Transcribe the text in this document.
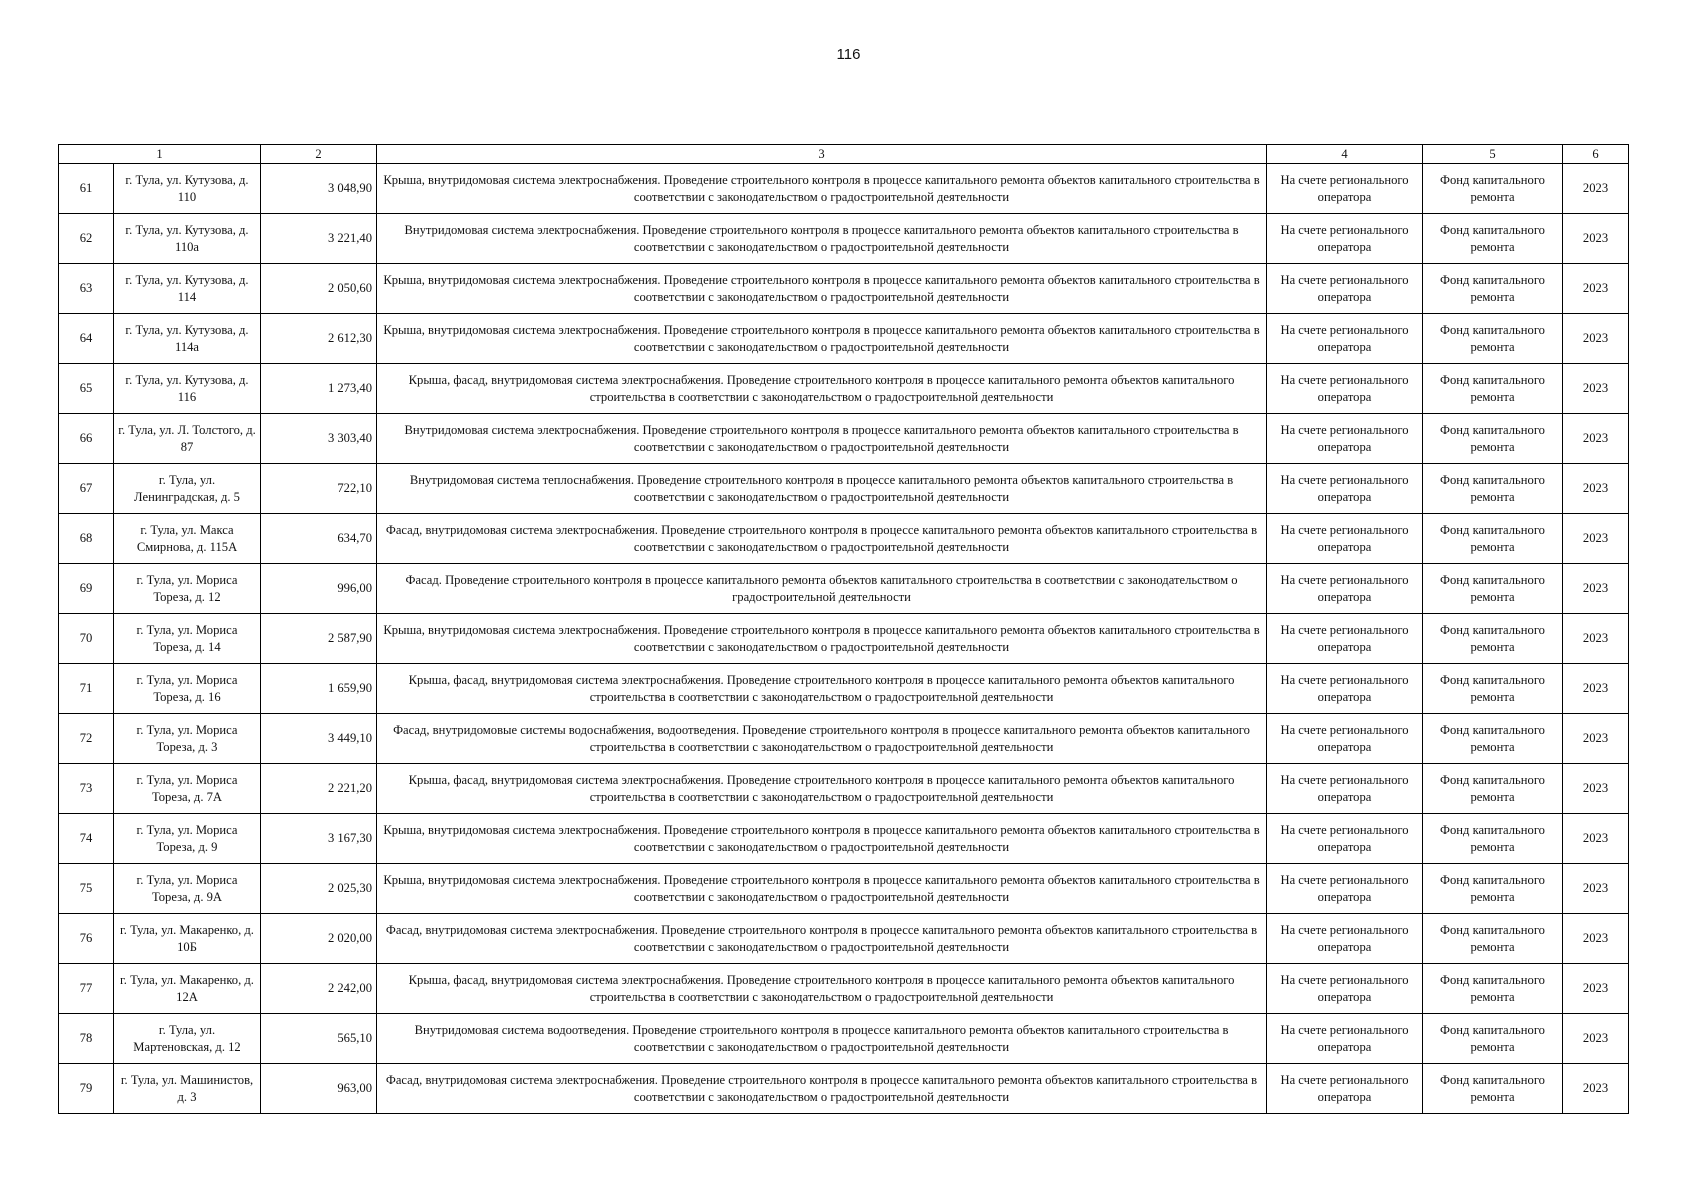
116
1		2	3	4	5	6
61	г. Тула, ул. Кутузова, д. 110	3 048,90	Крыша, внутридомовая система электроснабжения. Проведение строительного контроля в процессе капитального ремонта объектов капитального строительства в соответствии с законодательством о градостроительной деятельности	На счете регионального оператора	Фонд капитального ремонта	2023
62	г. Тула, ул. Кутузова, д. 110а	3 221,40	Внутридомовая система электроснабжения. Проведение строительного контроля в процессе капитального ремонта объектов капитального строительства в соответствии с законодательством о градостроительной деятельности	На счете регионального оператора	Фонд капитального ремонта	2023
63	г. Тула, ул. Кутузова, д. 114	2 050,60	Крыша, внутридомовая система электроснабжения. Проведение строительного контроля в процессе капитального ремонта объектов капитального строительства в соответствии с законодательством о градостроительной деятельности	На счете регионального оператора	Фонд капитального ремонта	2023
64	г. Тула, ул. Кутузова, д. 114а	2 612,30	Крыша, внутридомовая система электроснабжения. Проведение строительного контроля в процессе капитального ремонта объектов капитального строительства в соответствии с законодательством о градостроительной деятельности	На счете регионального оператора	Фонд капитального ремонта	2023
65	г. Тула, ул. Кутузова, д. 116	1 273,40	Крыша, фасад, внутридомовая система электроснабжения. Проведение строительного контроля в процессе капитального ремонта объектов капитального строительства в соответствии с законодательством о градостроительной деятельности	На счете регионального оператора	Фонд капитального ремонта	2023
66	г. Тула, ул. Л. Толстого, д. 87	3 303,40	Внутридомовая система электроснабжения. Проведение строительного контроля в процессе капитального ремонта объектов капитального строительства в соответствии с законодательством о градостроительной деятельности	На счете регионального оператора	Фонд капитального ремонта	2023
67	г. Тула, ул. Ленинградская, д. 5	722,10	Внутридомовая система теплоснабжения. Проведение строительного контроля в процессе капитального ремонта объектов капитального строительства в соответствии с законодательством о градостроительной деятельности	На счете регионального оператора	Фонд капитального ремонта	2023
68	г. Тула, ул. Макса Смирнова, д. 115А	634,70	Фасад, внутридомовая система электроснабжения. Проведение строительного контроля в процессе капитального ремонта объектов капитального строительства в соответствии с законодательством о градостроительной деятельности	На счете регионального оператора	Фонд капитального ремонта	2023
69	г. Тула, ул. Мориса Тореза, д. 12	996,00	Фасад. Проведение строительного контроля в процессе капитального ремонта объектов капитального строительства в соответствии с законодательством о градостроительной деятельности	На счете регионального оператора	Фонд капитального ремонта	2023
70	г. Тула, ул. Мориса Тореза, д. 14	2 587,90	Крыша, внутридомовая система электроснабжения. Проведение строительного контроля в процессе капитального ремонта объектов капитального строительства в соответствии с законодательством о градостроительной деятельности	На счете регионального оператора	Фонд капитального ремонта	2023
71	г. Тула, ул. Мориса Тореза, д. 16	1 659,90	Крыша, фасад, внутридомовая система электроснабжения. Проведение строительного контроля в процессе капитального ремонта объектов капитального строительства в соответствии с законодательством о градостроительной деятельности	На счете регионального оператора	Фонд капитального ремонта	2023
72	г. Тула, ул. Мориса Тореза, д. 3	3 449,10	Фасад, внутридомовые системы водоснабжения, водоотведения. Проведение строительного контроля в процессе капитального ремонта объектов капитального строительства в соответствии с законодательством о градостроительной деятельности	На счете регионального оператора	Фонд капитального ремонта	2023
73	г. Тула, ул. Мориса Тореза, д. 7А	2 221,20	Крыша, фасад, внутридомовая система электроснабжения. Проведение строительного контроля в процессе капитального ремонта объектов капитального строительства в соответствии с законодательством о градостроительной деятельности	На счете регионального оператора	Фонд капитального ремонта	2023
74	г. Тула, ул. Мориса Тореза, д. 9	3 167,30	Крыша, внутридомовая система электроснабжения. Проведение строительного контроля в процессе капитального ремонта объектов капитального строительства в соответствии с законодательством о градостроительной деятельности	На счете регионального оператора	Фонд капитального ремонта	2023
75	г. Тула, ул. Мориса Тореза, д. 9А	2 025,30	Крыша, внутридомовая система электроснабжения. Проведение строительного контроля в процессе капитального ремонта объектов капитального строительства в соответствии с законодательством о градостроительной деятельности	На счете регионального оператора	Фонд капитального ремонта	2023
76	г. Тула, ул. Макаренко, д. 10Б	2 020,00	Фасад, внутридомовая система электроснабжения. Проведение строительного контроля в процессе капитального ремонта объектов капитального строительства в соответствии с законодательством о градостроительной деятельности	На счете регионального оператора	Фонд капитального ремонта	2023
77	г. Тула, ул. Макаренко, д. 12А	2 242,00	Крыша, фасад, внутридомовая система электроснабжения. Проведение строительного контроля в процессе капитального ремонта объектов капитального строительства в соответствии с законодательством о градостроительной деятельности	На счете регионального оператора	Фонд капитального ремонта	2023
78	г. Тула, ул. Мартеновская, д. 12	565,10	Внутридомовая система водоотведения. Проведение строительного контроля в процессе капитального ремонта объектов капитального строительства в соответствии с законодательством о градостроительной деятельности	На счете регионального оператора	Фонд капитального ремонта	2023
79	г. Тула, ул. Машинистов, д. 3	963,00	Фасад, внутридомовая система электроснабжения. Проведение строительного контроля в процессе капитального ремонта объектов капитального строительства в соответствии с законодательством о градостроительной деятельности	На счете регионального оператора	Фонд капитального ремонта	2023
